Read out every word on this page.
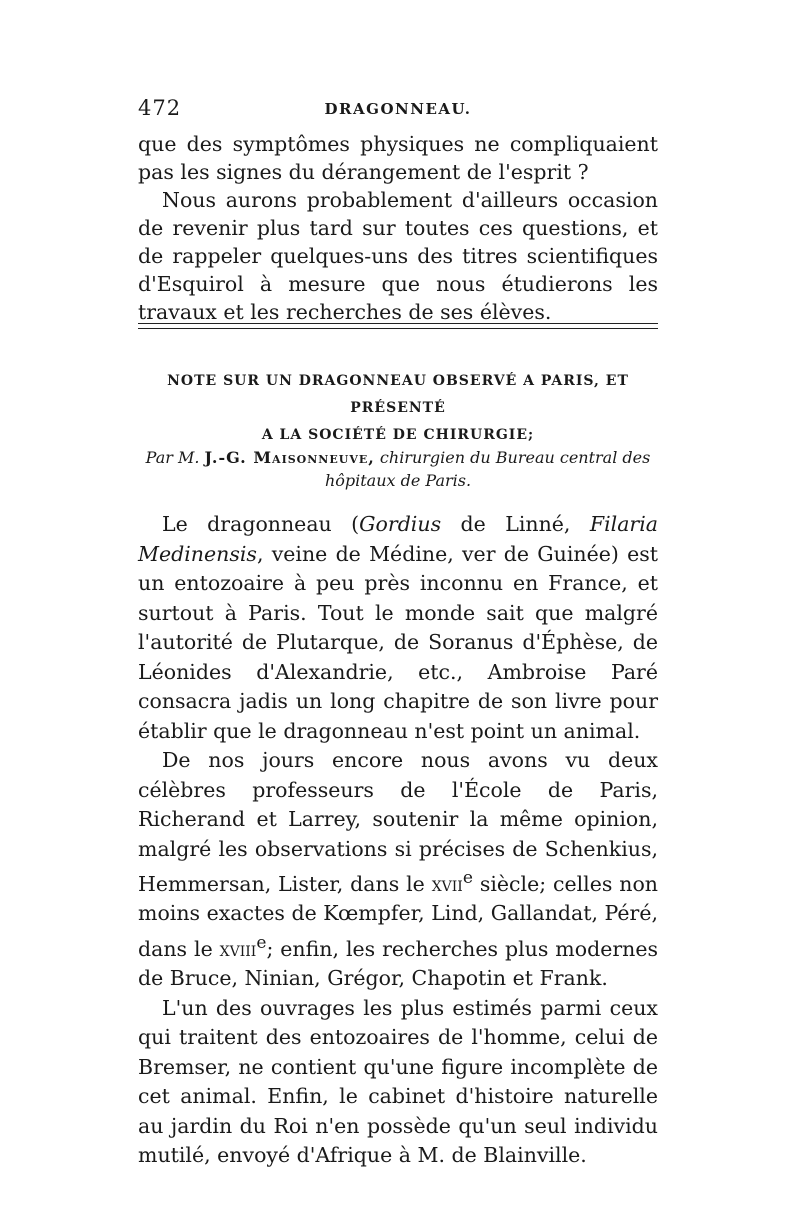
472	DRAGONNEAU.

que des symptômes physiques ne compliquaient pas les signes du dérangement de l'esprit ?

Nous aurons probablement d'ailleurs occasion de revenir plus tard sur toutes ces questions, et de rappeler quelques-uns des titres scientifiques d'Esquirol à mesure que nous étudierons les travaux et les recherches de ses élèves.

NOTE SUR UN DRAGONNEAU OBSERVÉ A PARIS, ET PRÉSENTÉ
A LA SOCIÉTÉ DE CHIRURGIE;
Par M. J.-G. Maisonneuve, chirurgien du Bureau central des hôpitaux de Paris.

Le dragonneau (Gordius de Linné, Filaria Medinensis, veine de Médine, ver de Guinée) est un entozoaire à peu près inconnu en France, et surtout à Paris. Tout le monde sait que malgré l'autorité de Plutarque, de Soranus d'Éphèse, de Léonides d'Alexandrie, etc., Ambroise Paré consacra jadis un long chapitre de son livre pour établir que le dragonneau n'est point un animal.

De nos jours encore nous avons vu deux célèbres professeurs de l'École de Paris, Richerand et Larrey, soutenir la même opinion, malgré les observations si précises de Schenkius, Hemmersan, Lister, dans le xvii$^e$ siècle; celles non moins exactes de Kœmpfer, Lind, Gallandat, Péré, dans le xviii$^e$; enfin, les recherches plus modernes de Bruce, Ninian, Grégor, Chapotin et Frank.

L'un des ouvrages les plus estimés parmi ceux qui traitent des entozoaires de l'homme, celui de Bremser, ne contient qu'une figure incomplète de cet animal. Enfin, le cabinet d'histoire naturelle au jardin du Roi n'en possède qu'un seul individu mutilé, envoyé d'Afrique à M. de Blainville.
